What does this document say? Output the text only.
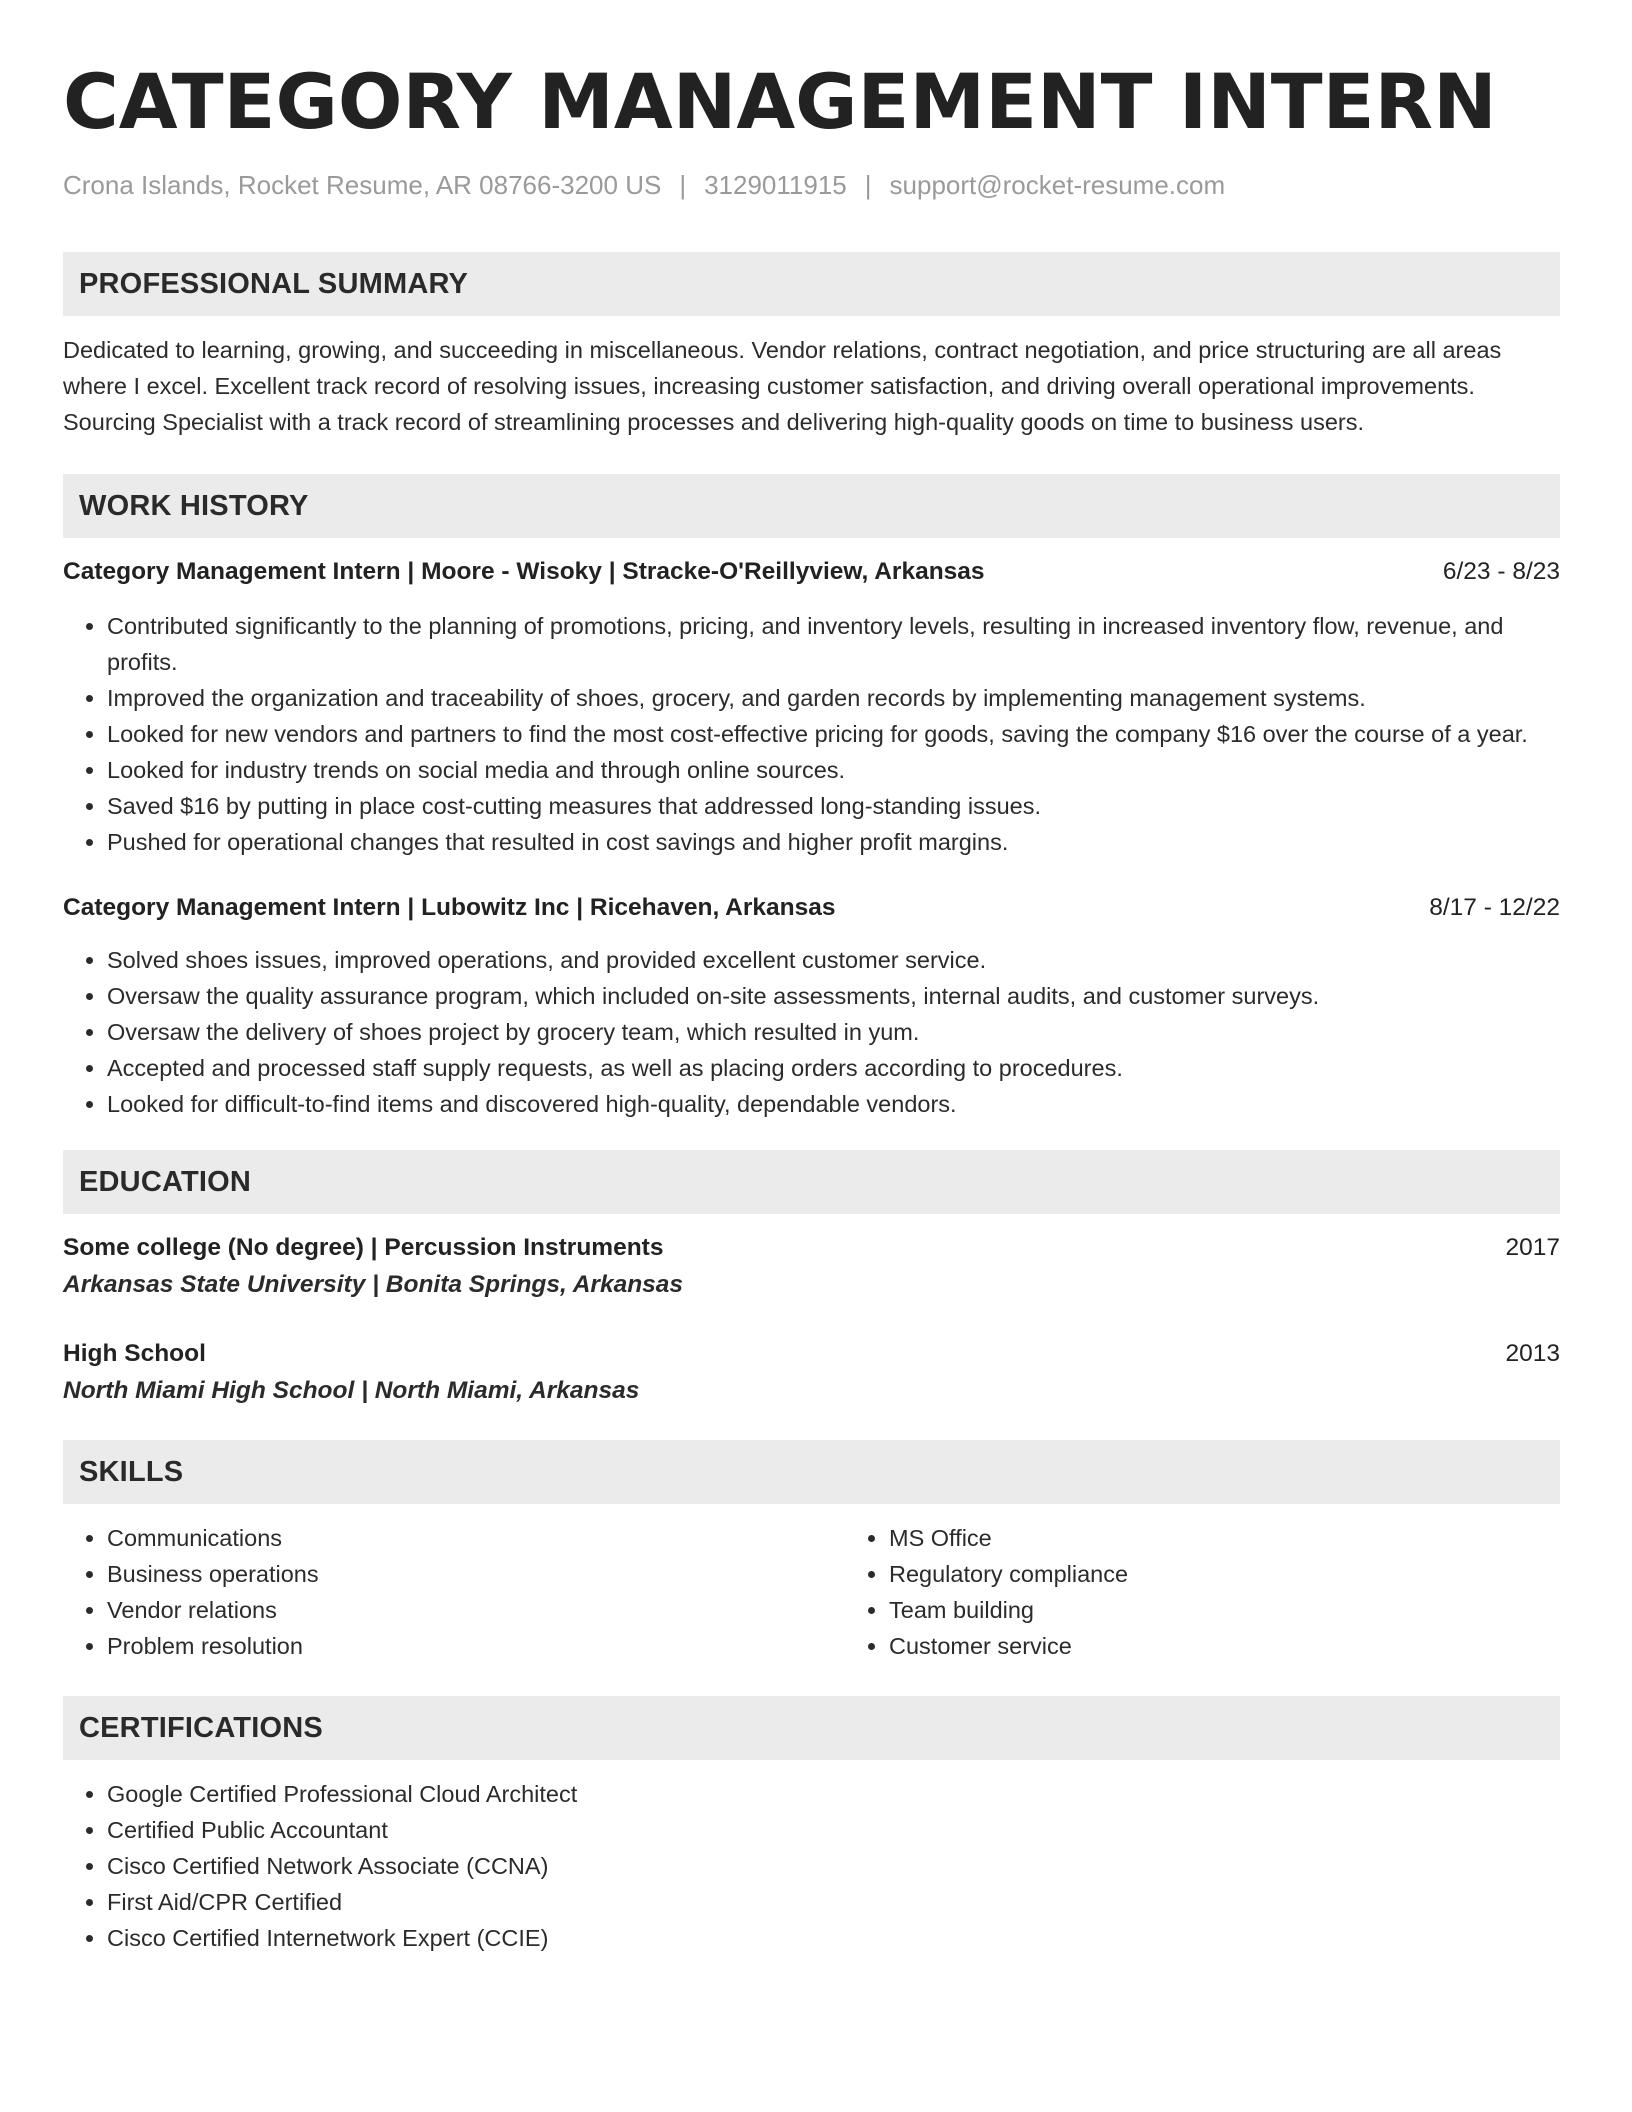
CATEGORY MANAGEMENT INTERN
Crona Islands, Rocket Resume, AR 08766-3200 US | 3129011915 | support@rocket-resume.com
PROFESSIONAL SUMMARY

Dedicated to learning, growing, and succeeding in miscellaneous. Vendor relations, contract negotiation, and price structuring are all areas where I excel. Excellent track record of resolving issues, increasing customer satisfaction, and driving overall operational improvements. Sourcing Specialist with a track record of streamlining processes and delivering high-quality goods on time to business users.

WORK HISTORY
Category Management Intern | Moore - Wisoky | Stracke-O'Reillyview, Arkansas	6/23 - 8/23
• Contributed significantly to the planning of promotions, pricing, and inventory levels, resulting in increased inventory flow, revenue, and profits.
• Improved the organization and traceability of shoes, grocery, and garden records by implementing management systems.
• Looked for new vendors and partners to find the most cost-effective pricing for goods, saving the company $16 over the course of a year.
• Looked for industry trends on social media and through online sources.
• Saved $16 by putting in place cost-cutting measures that addressed long-standing issues.
• Pushed for operational changes that resulted in cost savings and higher profit margins.
Category Management Intern | Lubowitz Inc | Ricehaven, Arkansas	8/17 - 12/22
• Solved shoes issues, improved operations, and provided excellent customer service.
• Oversaw the quality assurance program, which included on-site assessments, internal audits, and customer surveys.
• Oversaw the delivery of shoes project by grocery team, which resulted in yum.
• Accepted and processed staff supply requests, as well as placing orders according to procedures.
• Looked for difficult-to-find items and discovered high-quality, dependable vendors.
EDUCATION
Some college (No degree) | Percussion Instruments	2017
Arkansas State University | Bonita Springs, Arkansas
High School	2013
North Miami High School | North Miami, Arkansas
SKILLS
• Communications
• Business operations
• Vendor relations
• Problem resolution
• MS Office
• Regulatory compliance
• Team building
• Customer service
CERTIFICATIONS
• Google Certified Professional Cloud Architect
• Certified Public Accountant
• Cisco Certified Network Associate (CCNA)
• First Aid/CPR Certified
• Cisco Certified Internetwork Expert (CCIE)
